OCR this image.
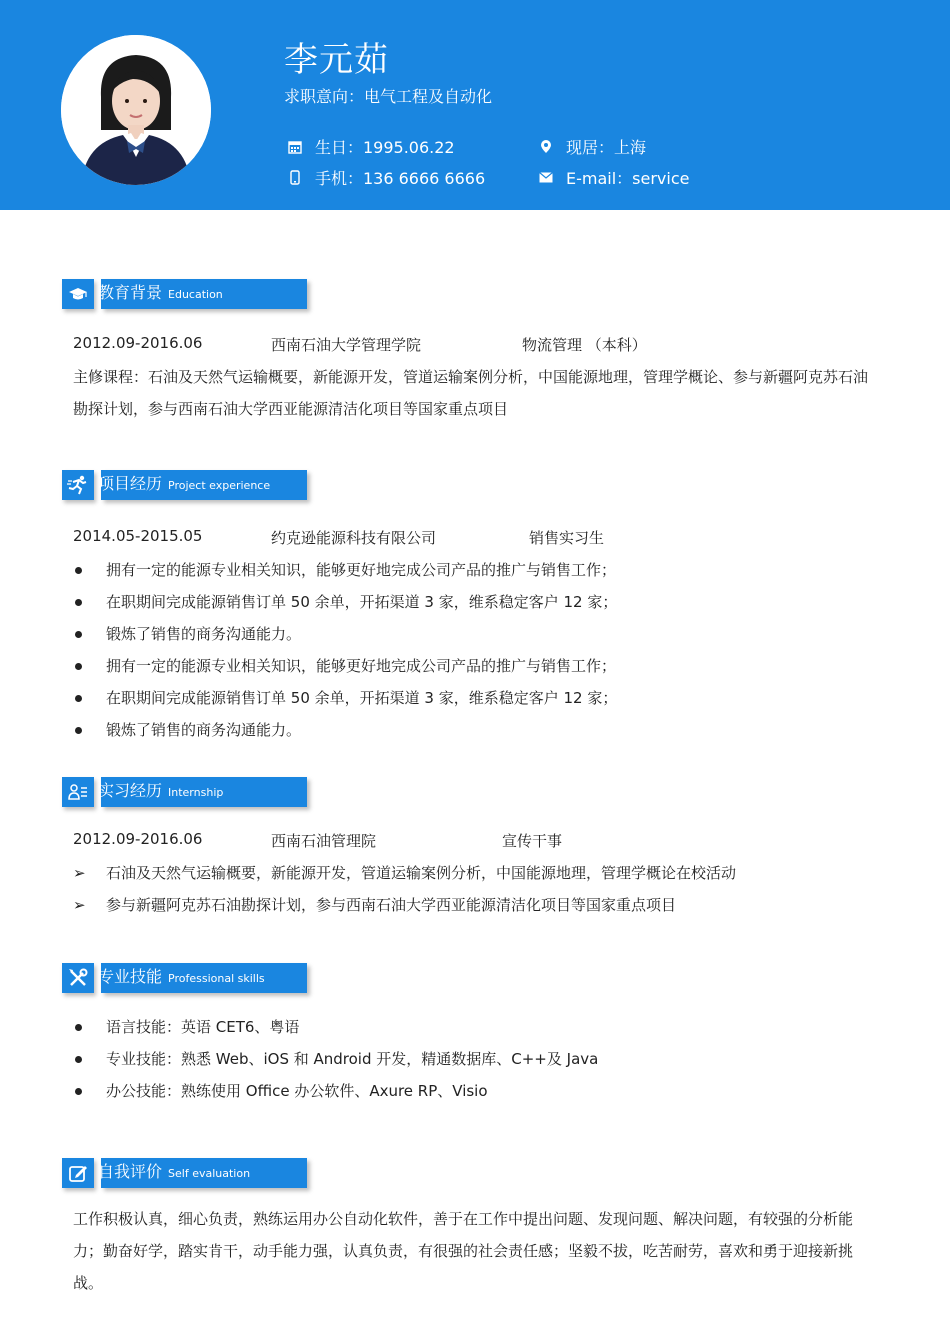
李元茹
求职意向：电气工程及自动化
生日：1995.06.22
手机：136 6666 6666
现居：上海
E-mail：service
教育背景 Education
2012.09-2016.06	西南石油大学管理学院	物流管理 （本科）
主修课程：石油及天然气运输概要，新能源开发，管道运输案例分析，中国能源地理，管理学概论、参与新疆阿克苏石油勘探计划，参与西南石油大学西亚能源清洁化项目等国家重点项目
项目经历 Project experience
2014.05-2015.05	约克逊能源科技有限公司	销售实习生
拥有一定的能源专业相关知识，能够更好地完成公司产品的推广与销售工作；
在职期间完成能源销售订单 50 余单，开拓渠道 3 家，维系稳定客户 12 家；
锻炼了销售的商务沟通能力。
拥有一定的能源专业相关知识，能够更好地完成公司产品的推广与销售工作；
在职期间完成能源销售订单 50 余单，开拓渠道 3 家，维系稳定客户 12 家；
锻炼了销售的商务沟通能力。
实习经历 Internship
2012.09-2016.06	西南石油管理院	宣传干事
➢ 石油及天然气运输概要，新能源开发，管道运输案例分析，中国能源地理，管理学概论在校活动
➢ 参与新疆阿克苏石油勘探计划，参与西南石油大学西亚能源清洁化项目等国家重点项目
专业技能 Professional skills
语言技能：英语 CET6、粤语
专业技能：熟悉 Web、iOS 和 Android 开发，精通数据库、C++及 Java
办公技能：熟练使用 Office 办公软件、Axure RP、Visio
自我评价 Self evaluation
工作积极认真，细心负责，熟练运用办公自动化软件，善于在工作中提出问题、发现问题、解决问题，有较强的分析能力；勤奋好学，踏实肯干，动手能力强，认真负责，有很强的社会责任感；坚毅不拔，吃苦耐劳，喜欢和勇于迎接新挑战。
